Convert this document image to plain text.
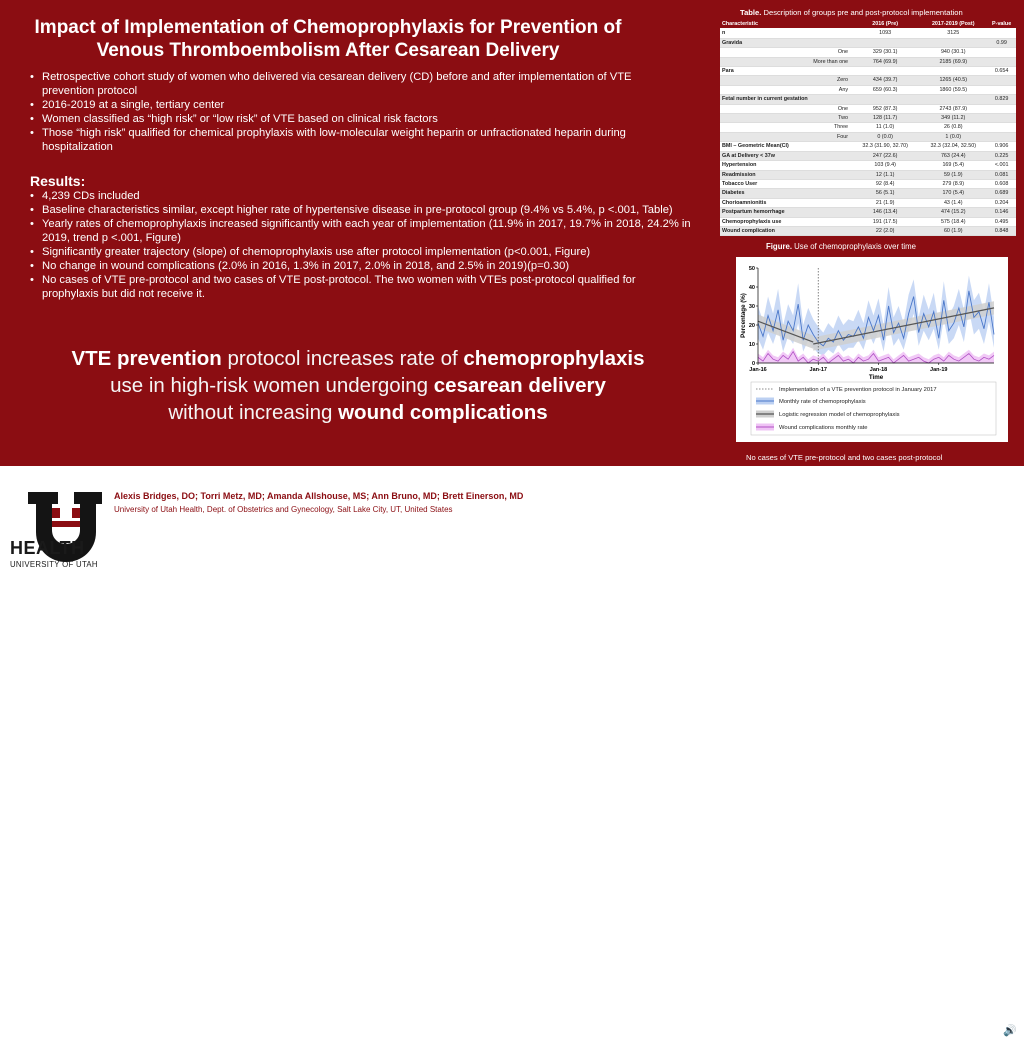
Impact of Implementation of Chemoprophylaxis for Prevention of Venous Thromboembolism After Cesarean Delivery
• Retrospective cohort study of women who delivered via cesarean delivery (CD) before and after implementation of VTE prevention protocol
• 2016-2019 at a single, tertiary center
• Women classified as “high risk” or “low risk” of VTE based on clinical risk factors
• Those “high risk” qualified for chemical prophylaxis with low-molecular weight heparin or unfractionated heparin during hospitalization
Results:
• 4,239 CDs included
• Baseline characteristics similar, except higher rate of hypertensive disease in pre-protocol group (9.4% vs 5.4%, p <.001, Table)
• Yearly rates of chemoprophylaxis increased significantly with each year of implementation (11.9% in 2017, 19.7% in 2018, 24.2% in 2019, trend p <.001, Figure)
• Significantly greater trajectory (slope) of chemoprophylaxis use after protocol implementation (p<0.001, Figure)
• No change in wound complications (2.0% in 2016, 1.3% in 2017, 2.0% in 2018, and 2.5% in 2019)(p=0.30)
• No cases of VTE pre-protocol and two cases of VTE post-protocol. The two women with VTEs post-protocol qualified for prophylaxis but did not receive it.
VTE prevention protocol increases rate of chemoprophylaxis
use in high-risk women undergoing cesarean delivery
without increasing wound complications
Table. Description of groups pre and post-protocol implementation
Characteristic	2016 (Pre)	2017-2019 (Post)	P-value
n	1093	3125	
Gravida			0.99
One	329 (30.1)	940 (30.1)	
More than one	764 (69.9)	2185 (69.9)	
Para			0.654
Zero	434 (39.7)	1265 (40.5)	
Any	659 (60.3)	1860 (59.5)	
Fetal number in current gestation			0.829
One	952 (87.3)	2743 (87.9)	
Two	128 (11.7)	349 (11.2)	
Three	11 (1.0)	26 (0.8)	
Four	0 (0.0)	1 (0.0)	
BMI – Geometric Mean(CI)	32.3 (31.90, 32.70)	32.3 (32.04, 32.50)	0.906
GA at Delivery < 37w	247 (22.6)	763 (24.4)	0.225
Hypertension	103 (9.4)	169 (5.4)	<.001
Readmission	12 (1.1)	59 (1.9)	0.081
Tobacco User	92 (8.4)	279 (8.9)	0.608
Diabetes	56 (5.1)	170 (5.4)	0.689
Chorioamnionitis	21 (1.9)	43 (1.4)	0.204
Postpartum hemorrhage	146 (13.4)	474 (15.2)	0.146
Chemoprophylaxis use	191 (17.5)	575 (18.4)	0.495
Wound complication	22 (2.0)	60 (1.9)	0.848
Figure. Use of chemoprophylaxis over time
0
10
20
30
40
50
Jan-16	Jan-17	Jan-18	Jan-19
Time
Percentage (%)
Implementation of a VTE prevention protocol in January 2017
Monthly rate of chemoprophylaxis
Logistic regression model of chemoprophylaxis
Wound complications monthly rate
No cases of VTE pre-protocol and two cases post-protocol
🔊
HEALTH
UNIVERSITY OF UTAH
Alexis Bridges, DO; Torri Metz, MD; Amanda Allshouse, MS; Ann Bruno, MD; Brett Einerson, MD
University of Utah Health, Dept. of Obstetrics and Gynecology, Salt Lake City, UT, United States
